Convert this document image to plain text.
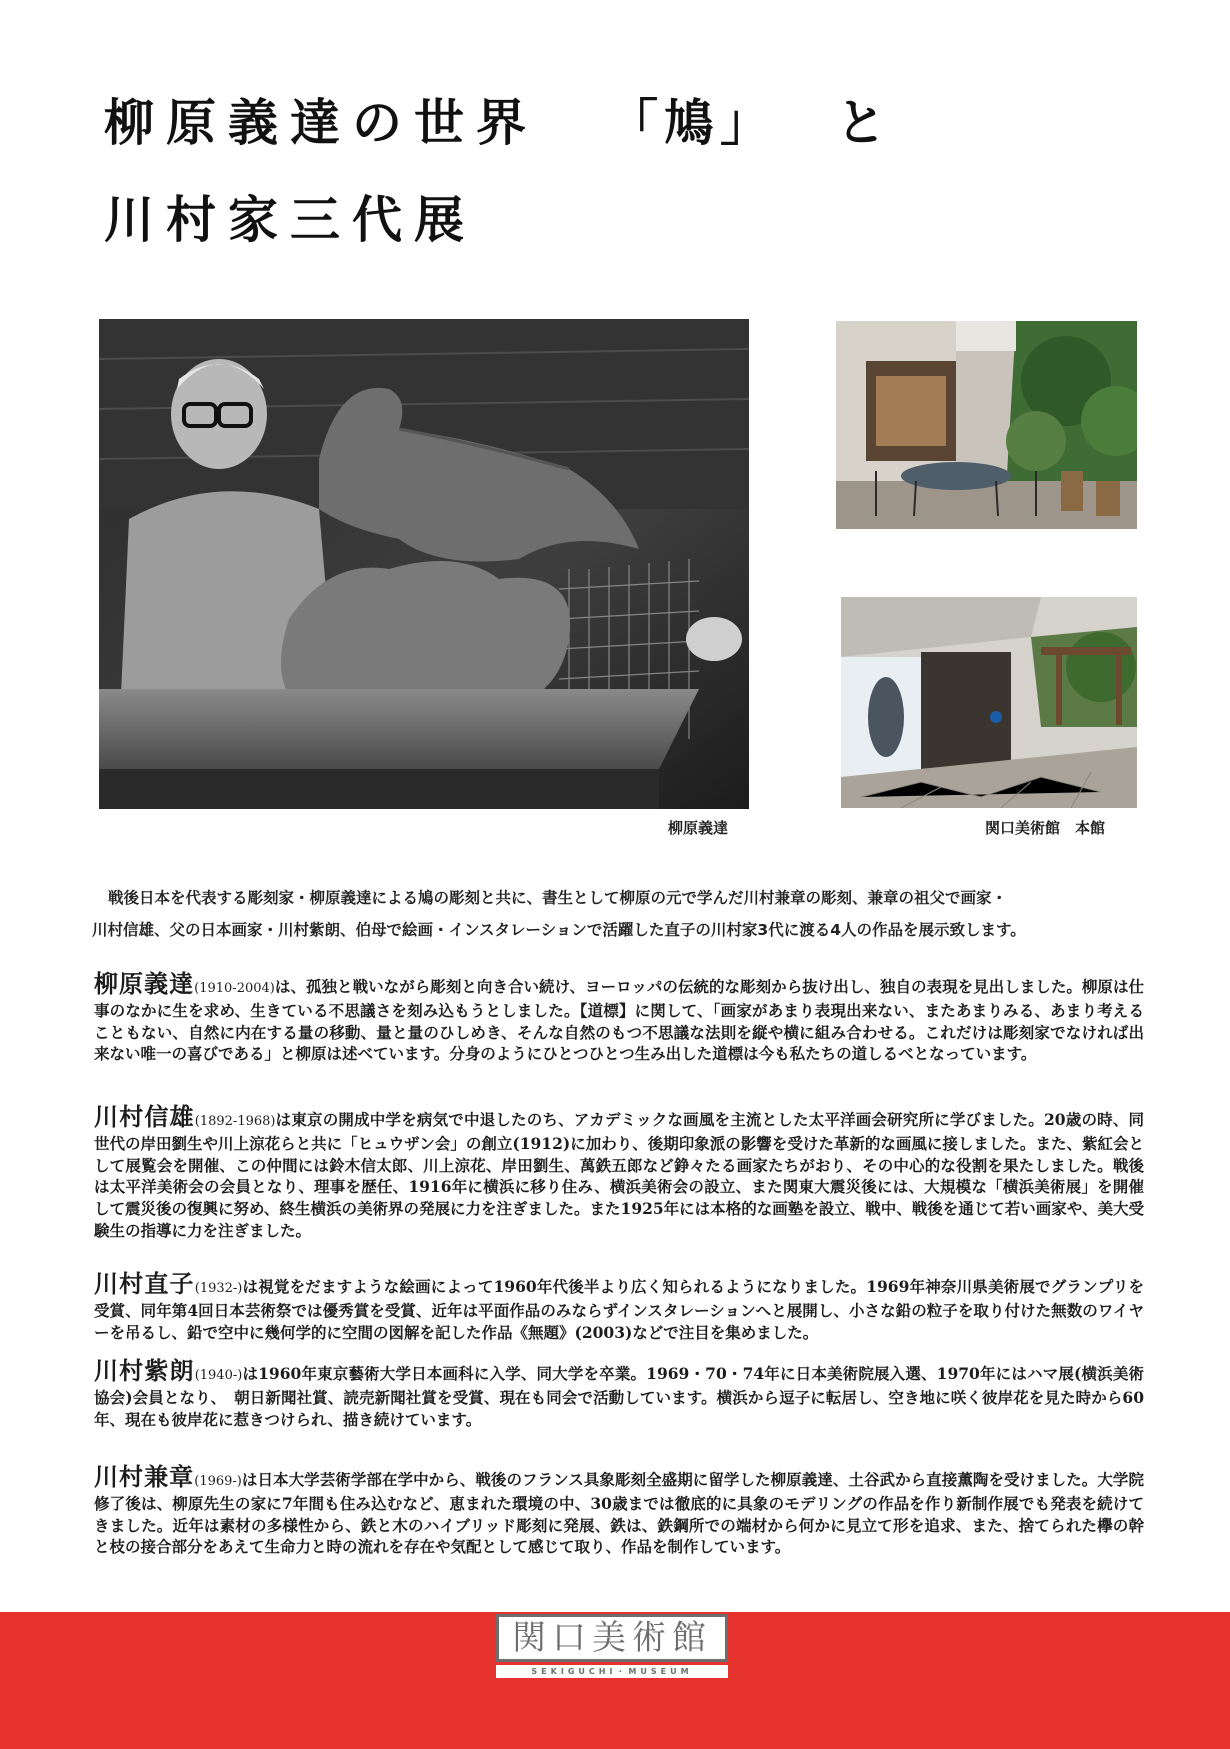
柳原義達の世界 「鳩」 と
川村家三代展

柳原義達	関口美術館　本館

戦後日本を代表する彫刻家・柳原義達による鳩の彫刻と共に、書生として柳原の元で学んだ川村兼章の彫刻、兼章の祖父で画家・
川村信雄、父の日本画家・川村紫朗、伯母で絵画・インスタレーションで活躍した直子の川村家3代に渡る4人の作品を展示致します。

柳原義達(1910-2004)は、孤独と戦いながら彫刻と向き合い続け、ヨーロッパの伝統的な彫刻から抜け出し、独自の表現を見出しました。柳原は仕事のなかに生を求め、生きている不思議さを刻み込もうとしました。【道標】に関して、「画家があまり表現出来ない、またあまりみる、あまり考えることもない、自然に内在する量の移動、量と量のひしめき、そんな自然のもつ不思議な法則を縦や横に組み合わせる。これだけは彫刻家でなければ出来ない唯一の喜びである」と柳原は述べています。分身のようにひとつひとつ生み出した道標は今も私たちの道しるべとなっています。

川村信雄(1892-1968)は東京の開成中学を病気で中退したのち、アカデミックな画風を主流とした太平洋画会研究所に学びました。20歳の時、同世代の岸田劉生や川上涼花らと共に「ヒュウザン会」の創立(1912)に加わり、後期印象派の影響を受けた革新的な画風に接しました。また、紫紅会として展覧会を開催、この仲間には鈴木信太郎、川上涼花、岸田劉生、萬鉄五郎など錚々たる画家たちがおり、その中心的な役割を果たしました。戦後は太平洋美術会の会員となり、理事を歴任、1916年に横浜に移り住み、横浜美術会の設立、また関東大震災後には、大規模な「横浜美術展」を開催して震災後の復興に努め、終生横浜の美術界の発展に力を注ぎました。また1925年には本格的な画塾を設立、戦中、戦後を通じて若い画家や、美大受験生の指導に力を注ぎました。

川村直子(1932-)は視覚をだますような絵画によって1960年代後半より広く知られるようになりました。1969年神奈川県美術展でグランプリを受賞、同年第4回日本芸術祭では優秀賞を受賞、近年は平面作品のみならずインスタレーションへと展開し、小さな鉛の粒子を取り付けた無数のワイヤーを吊るし、鉛で空中に幾何学的に空間の図解を記した作品《無題》(2003)などで注目を集めました。

川村紫朗(1940-)は1960年東京藝術大学日本画科に入学、同大学を卒業。1969・70・74年に日本美術院展入選、1970年にはハマ展(横浜美術協会)会員となり、　朝日新聞社賞、読売新聞社賞を受賞、現在も同会で活動しています。横浜から逗子に転居し、空き地に咲く彼岸花を見た時から60年、現在も彼岸花に惹きつけられ、描き続けています。

川村兼章(1969-)は日本大学芸術学部在学中から、戦後のフランス具象彫刻全盛期に留学した柳原義達、土谷武から直接薫陶を受けました。大学院修了後は、柳原先生の家に7年間も住み込むなど、恵まれた環境の中、30歳までは徹底的に具象のモデリングの作品を作り新制作展でも発表を続けてきました。近年は素材の多様性から、鉄と木のハイブリッド彫刻に発展、鉄は、鉄鋼所での端材から何かに見立て形を追求、また、捨てられた欅の幹と枝の接合部分をあえて生命力と時の流れを存在や気配として感じて取り、作品を制作しています。

関口美術館
SEKIGUCHI・MUSEUM
